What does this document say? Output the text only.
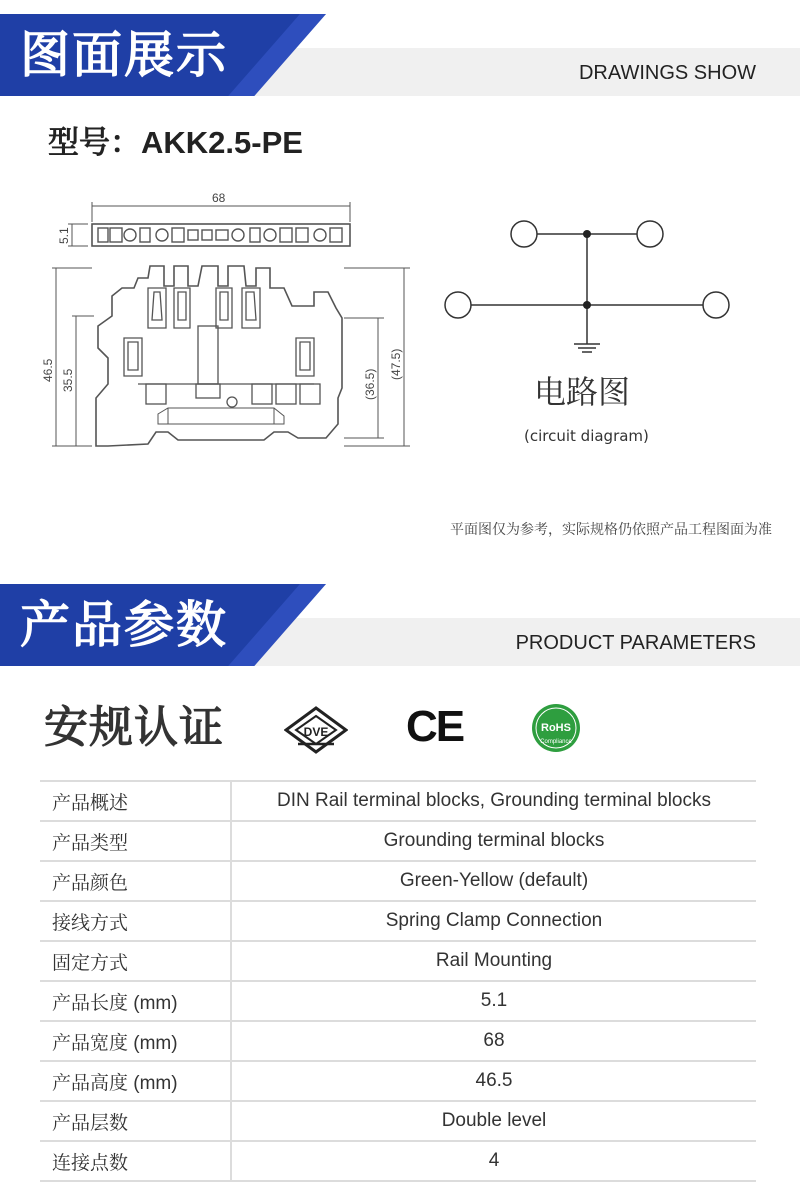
图面展示	DRAWINGS SHOW
型号：AKK2.5-PE
68
5.1
46.5 35.5	(36.5)
(47.5)
电路图
(circuit diagram)
平面图仅为参考，实际规格仍依照产品工程图面为准
产品参数	PRODUCT PARAMETERS
安规认证	DVE CE	RoHS
Compliance
产品概述	DIN Rail terminal blocks, Grounding terminal blocks
产品类型	Grounding terminal blocks
产品颜色	Green-Yellow (default)
接线方式	Spring Clamp Connection
固定方式	Rail Mounting
产品长度 (mm)	5.1
产品宽度 (mm)	68
产品高度 (mm)	46.5
产品层数	Double level
连接点数	4
